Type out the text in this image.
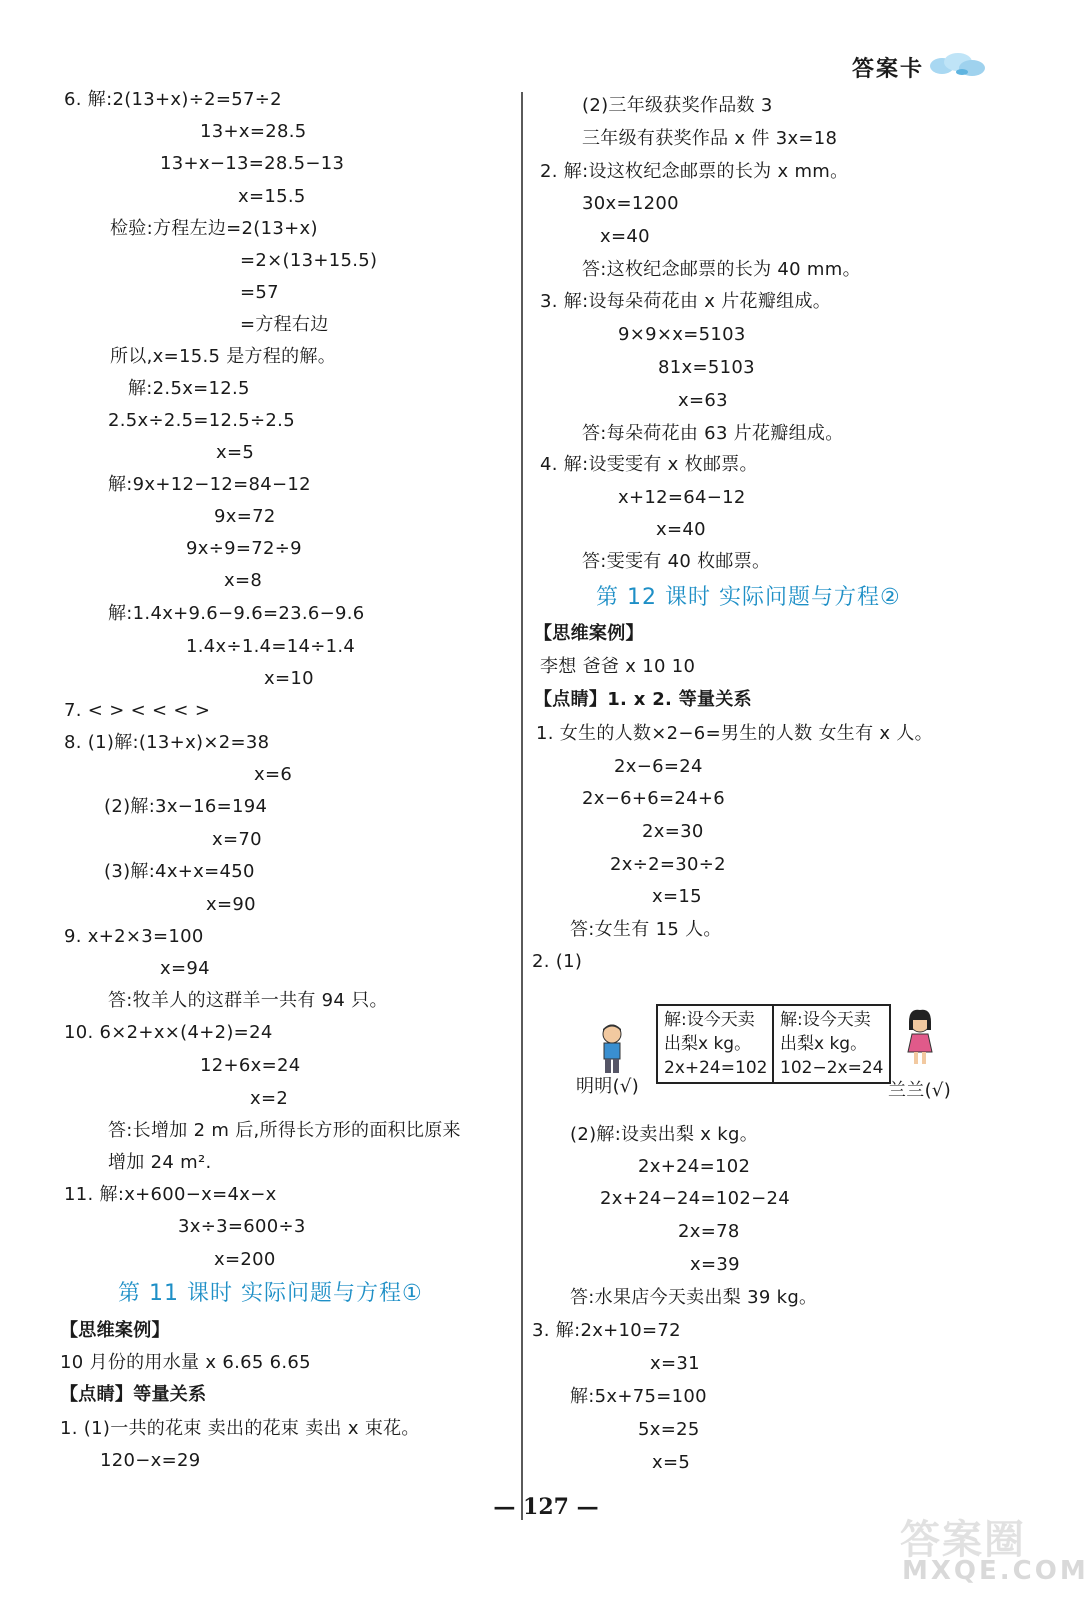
答案卡
6. 解:2(13+x)÷2=57÷2
13+x=28.5
13+x−13=28.5−13
x=15.5
检验:方程左边=2(13+x)
=2×(13+15.5)
=57
=方程右边
所以,x=15.5 是方程的解。
解:2.5x=12.5
2.5x÷2.5=12.5÷2.5
x=5
解:9x+12−12=84−12
9x=72
9x÷9=72÷9
x=8
解:1.4x+9.6−9.6=23.6−9.6
1.4x÷1.4=14÷1.4
x=10
7. < > < < < >
8. (1)解:(13+x)×2=38
x=6
(2)解:3x−16=194
x=70
(3)解:4x+x=450
x=90
9. x+2×3=100
x=94
答:牧羊人的这群羊一共有 94 只。
10. 6×2+x×(4+2)=24
12+6x=24
x=2
答:长增加 2 m 后,所得长方形的面积比原来
增加 24 m².
11. 解:x+600−x=4x−x
3x÷3=600÷3
x=200
第 11 课时 实际问题与方程①
【思维案例】
10 月份的用水量 x 6.65 6.65
【点睛】等量关系
1. (1)一共的花束 卖出的花束 卖出 x 束花。
120−x=29
(2)三年级获奖作品数 3
三年级有获奖作品 x 件 3x=18
2. 解:设这枚纪念邮票的长为 x mm。
30x=1200
x=40
答:这枚纪念邮票的长为 40 mm。
3. 解:设每朵荷花由 x 片花瓣组成。
9×9×x=5103
81x=5103
x=63
答:每朵荷花由 63 片花瓣组成。
4. 解:设雯雯有 x 枚邮票。
x+12=64−12
x=40
答:雯雯有 40 枚邮票。
第 12 课时 实际问题与方程②
【思维案例】
李想 爸爸 x 10 10
【点睛】1. x 2. 等量关系
1. 女生的人数×2−6=男生的人数 女生有 x 人。
2x−6=24
2x−6+6=24+6
2x=30
2x÷2=30÷2
x=15
答:女生有 15 人。
2. (1)
解:设今天卖
出梨x kg。
2x+24=102
解:设今天卖
出梨x kg。
102−2x=24
明明(√)	兰兰(√)
(2)解:设卖出梨 x kg。
2x+24=102
2x+24−24=102−24
2x=78
x=39
答:水果店今天卖出梨 39 kg。
3. 解:2x+10=72
x=31
解:5x+75=100
5x=25
x=5
— 127 —
答案圈
MXQE.COM
